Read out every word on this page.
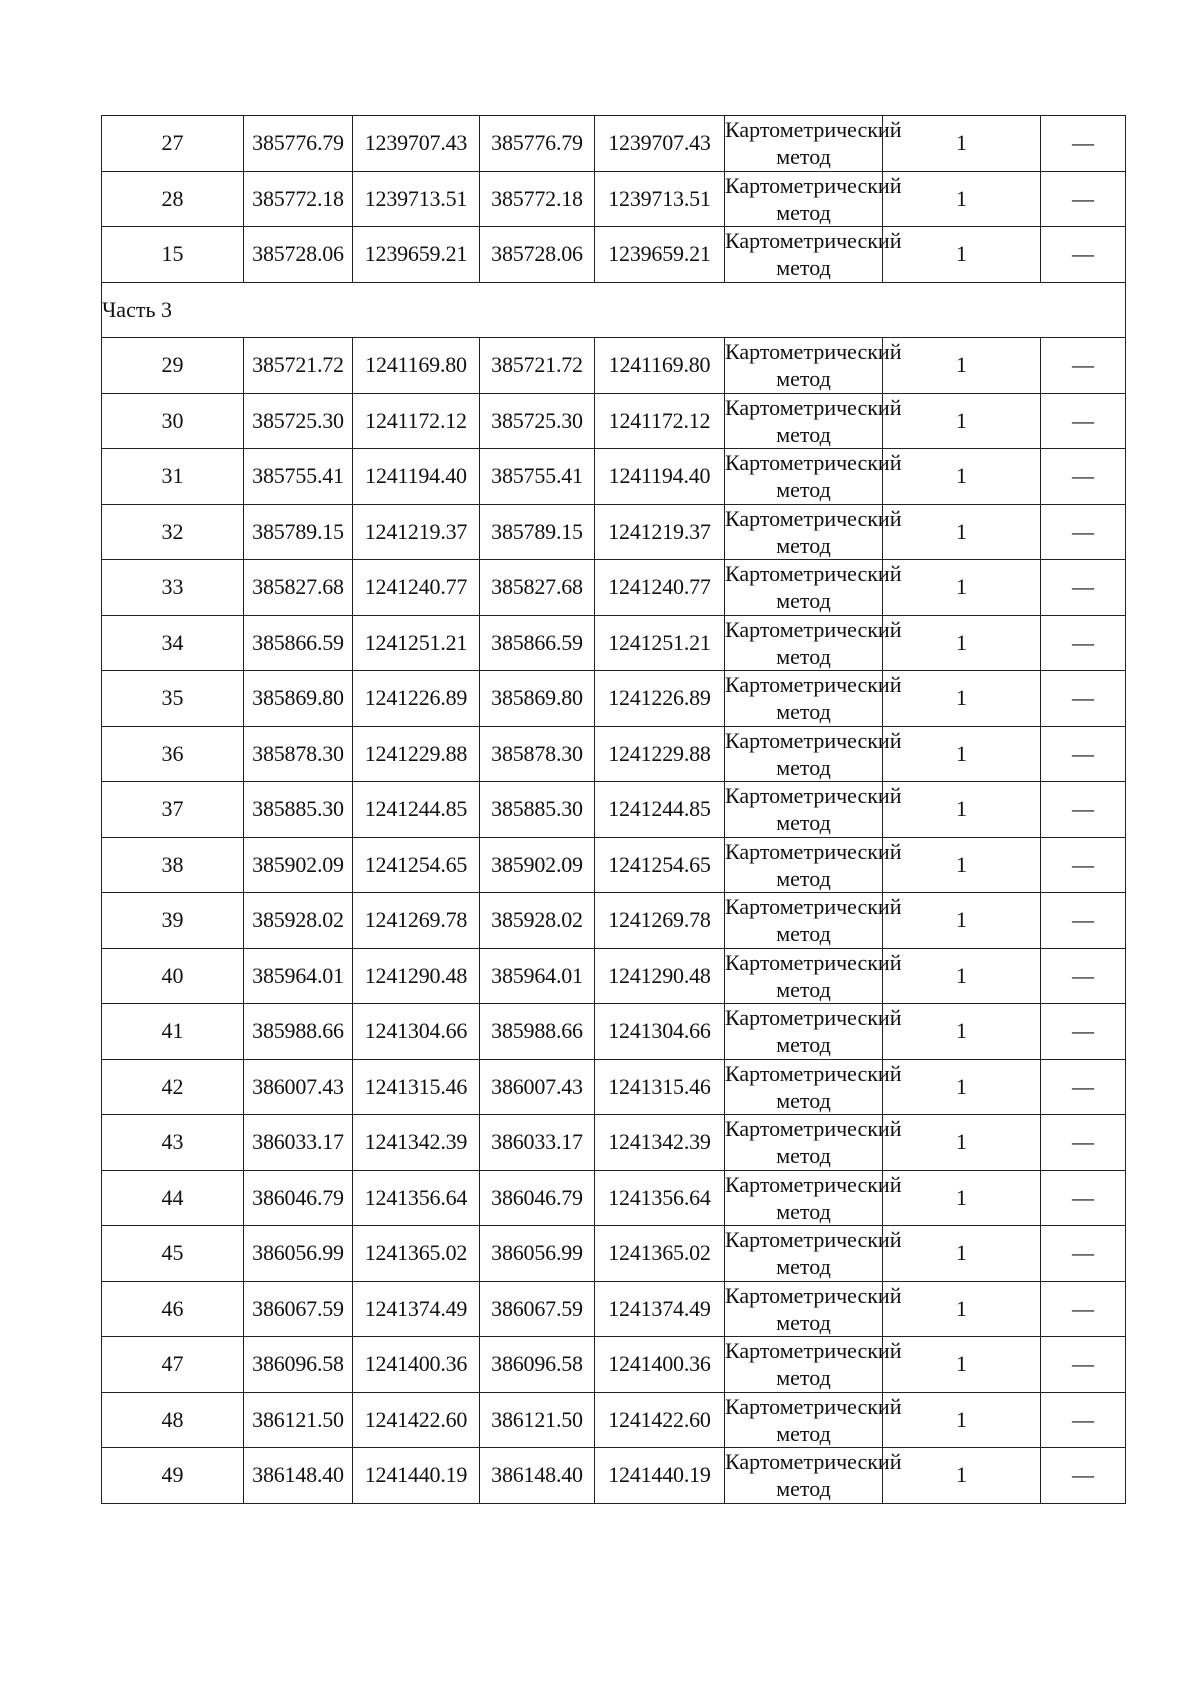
27	385776.79	1239707.43	385776.79	1239707.43	Картометрический метод	1	—
28	385772.18	1239713.51	385772.18	1239713.51	Картометрический метод	1	—
15	385728.06	1239659.21	385728.06	1239659.21	Картометрический метод	1	—
Часть 3							
29	385721.72	1241169.80	385721.72	1241169.80	Картометрический метод	1	—
30	385725.30	1241172.12	385725.30	1241172.12	Картометрический метод	1	—
31	385755.41	1241194.40	385755.41	1241194.40	Картометрический метод	1	—
32	385789.15	1241219.37	385789.15	1241219.37	Картометрический метод	1	—
33	385827.68	1241240.77	385827.68	1241240.77	Картометрический метод	1	—
34	385866.59	1241251.21	385866.59	1241251.21	Картометрический метод	1	—
35	385869.80	1241226.89	385869.80	1241226.89	Картометрический метод	1	—
36	385878.30	1241229.88	385878.30	1241229.88	Картометрический метод	1	—
37	385885.30	1241244.85	385885.30	1241244.85	Картометрический метод	1	—
38	385902.09	1241254.65	385902.09	1241254.65	Картометрический метод	1	—
39	385928.02	1241269.78	385928.02	1241269.78	Картометрический метод	1	—
40	385964.01	1241290.48	385964.01	1241290.48	Картометрический метод	1	—
41	385988.66	1241304.66	385988.66	1241304.66	Картометрический метод	1	—
42	386007.43	1241315.46	386007.43	1241315.46	Картометрический метод	1	—
43	386033.17	1241342.39	386033.17	1241342.39	Картометрический метод	1	—
44	386046.79	1241356.64	386046.79	1241356.64	Картометрический метод	1	—
45	386056.99	1241365.02	386056.99	1241365.02	Картометрический метод	1	—
46	386067.59	1241374.49	386067.59	1241374.49	Картометрический метод	1	—
47	386096.58	1241400.36	386096.58	1241400.36	Картометрический метод	1	—
48	386121.50	1241422.60	386121.50	1241422.60	Картометрический метод	1	—
49	386148.40	1241440.19	386148.40	1241440.19	Картометрический метод	1	—
